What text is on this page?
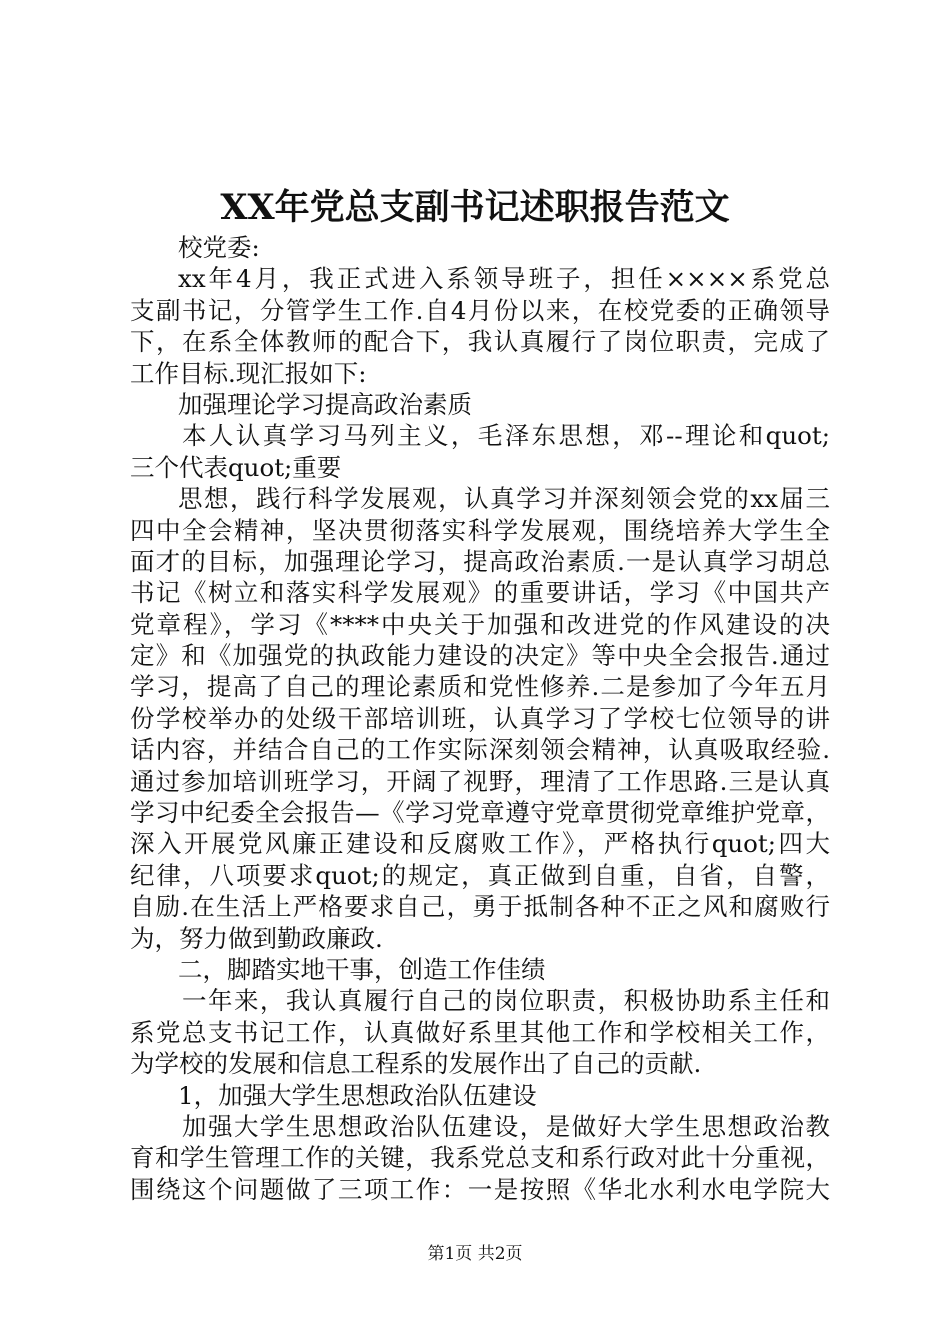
XX年党总支副书记述职报告范文
校党委:
xx年4月，我正式进入系领导班子，担任××××系党总
支副书记，分管学生工作.自4月份以来，在校党委的正确领导
下，在系全体教师的配合下，我认真履行了岗位职责，完成了
工作目标.现汇报如下:
加强理论学习提高政治素质
本人认真学习马列主义，毛泽东思想，邓--理论和quot;
三个代表quot;重要
思想，践行科学发展观，认真学习并深刻领会党的xx届三
四中全会精神，坚决贯彻落实科学发展观，围绕培养大学生全
面才的目标，加强理论学习，提高政治素质.一是认真学习胡总
书记《树立和落实科学发展观》的重要讲话，学习《中国共产
党章程》，学习《****中央关于加强和改进党的作风建设的决
定》和《加强党的执政能力建设的决定》等中央全会报告.通过
学习，提高了自己的理论素质和党性修养.二是参加了今年五月
份学校举办的处级干部培训班，认真学习了学校七位领导的讲
话内容，并结合自己的工作实际深刻领会精神，认真吸取经验.
通过参加培训班学习，开阔了视野，理清了工作思路.三是认真
学习中纪委全会报告—《学习党章遵守党章贯彻党章维护党章，
深入开展党风廉正建设和反腐败工作》，严格执行quot;四大
纪律，八项要求quot;的规定，真正做到自重，自省，自警，
自励.在生活上严格要求自己，勇于抵制各种不正之风和腐败行
为，努力做到勤政廉政.
二，脚踏实地干事，创造工作佳绩
一年来，我认真履行自己的岗位职责，积极协助系主任和
系党总支书记工作，认真做好系里其他工作和学校相关工作，
为学校的发展和信息工程系的发展作出了自己的贡献.
1，加强大学生思想政治队伍建设
加强大学生思想政治队伍建设，是做好大学生思想政治教
育和学生管理工作的关键，我系党总支和系行政对此十分重视，
围绕这个问题做了三项工作：一是按照《华北水利水电学院大
第1页 共2页
